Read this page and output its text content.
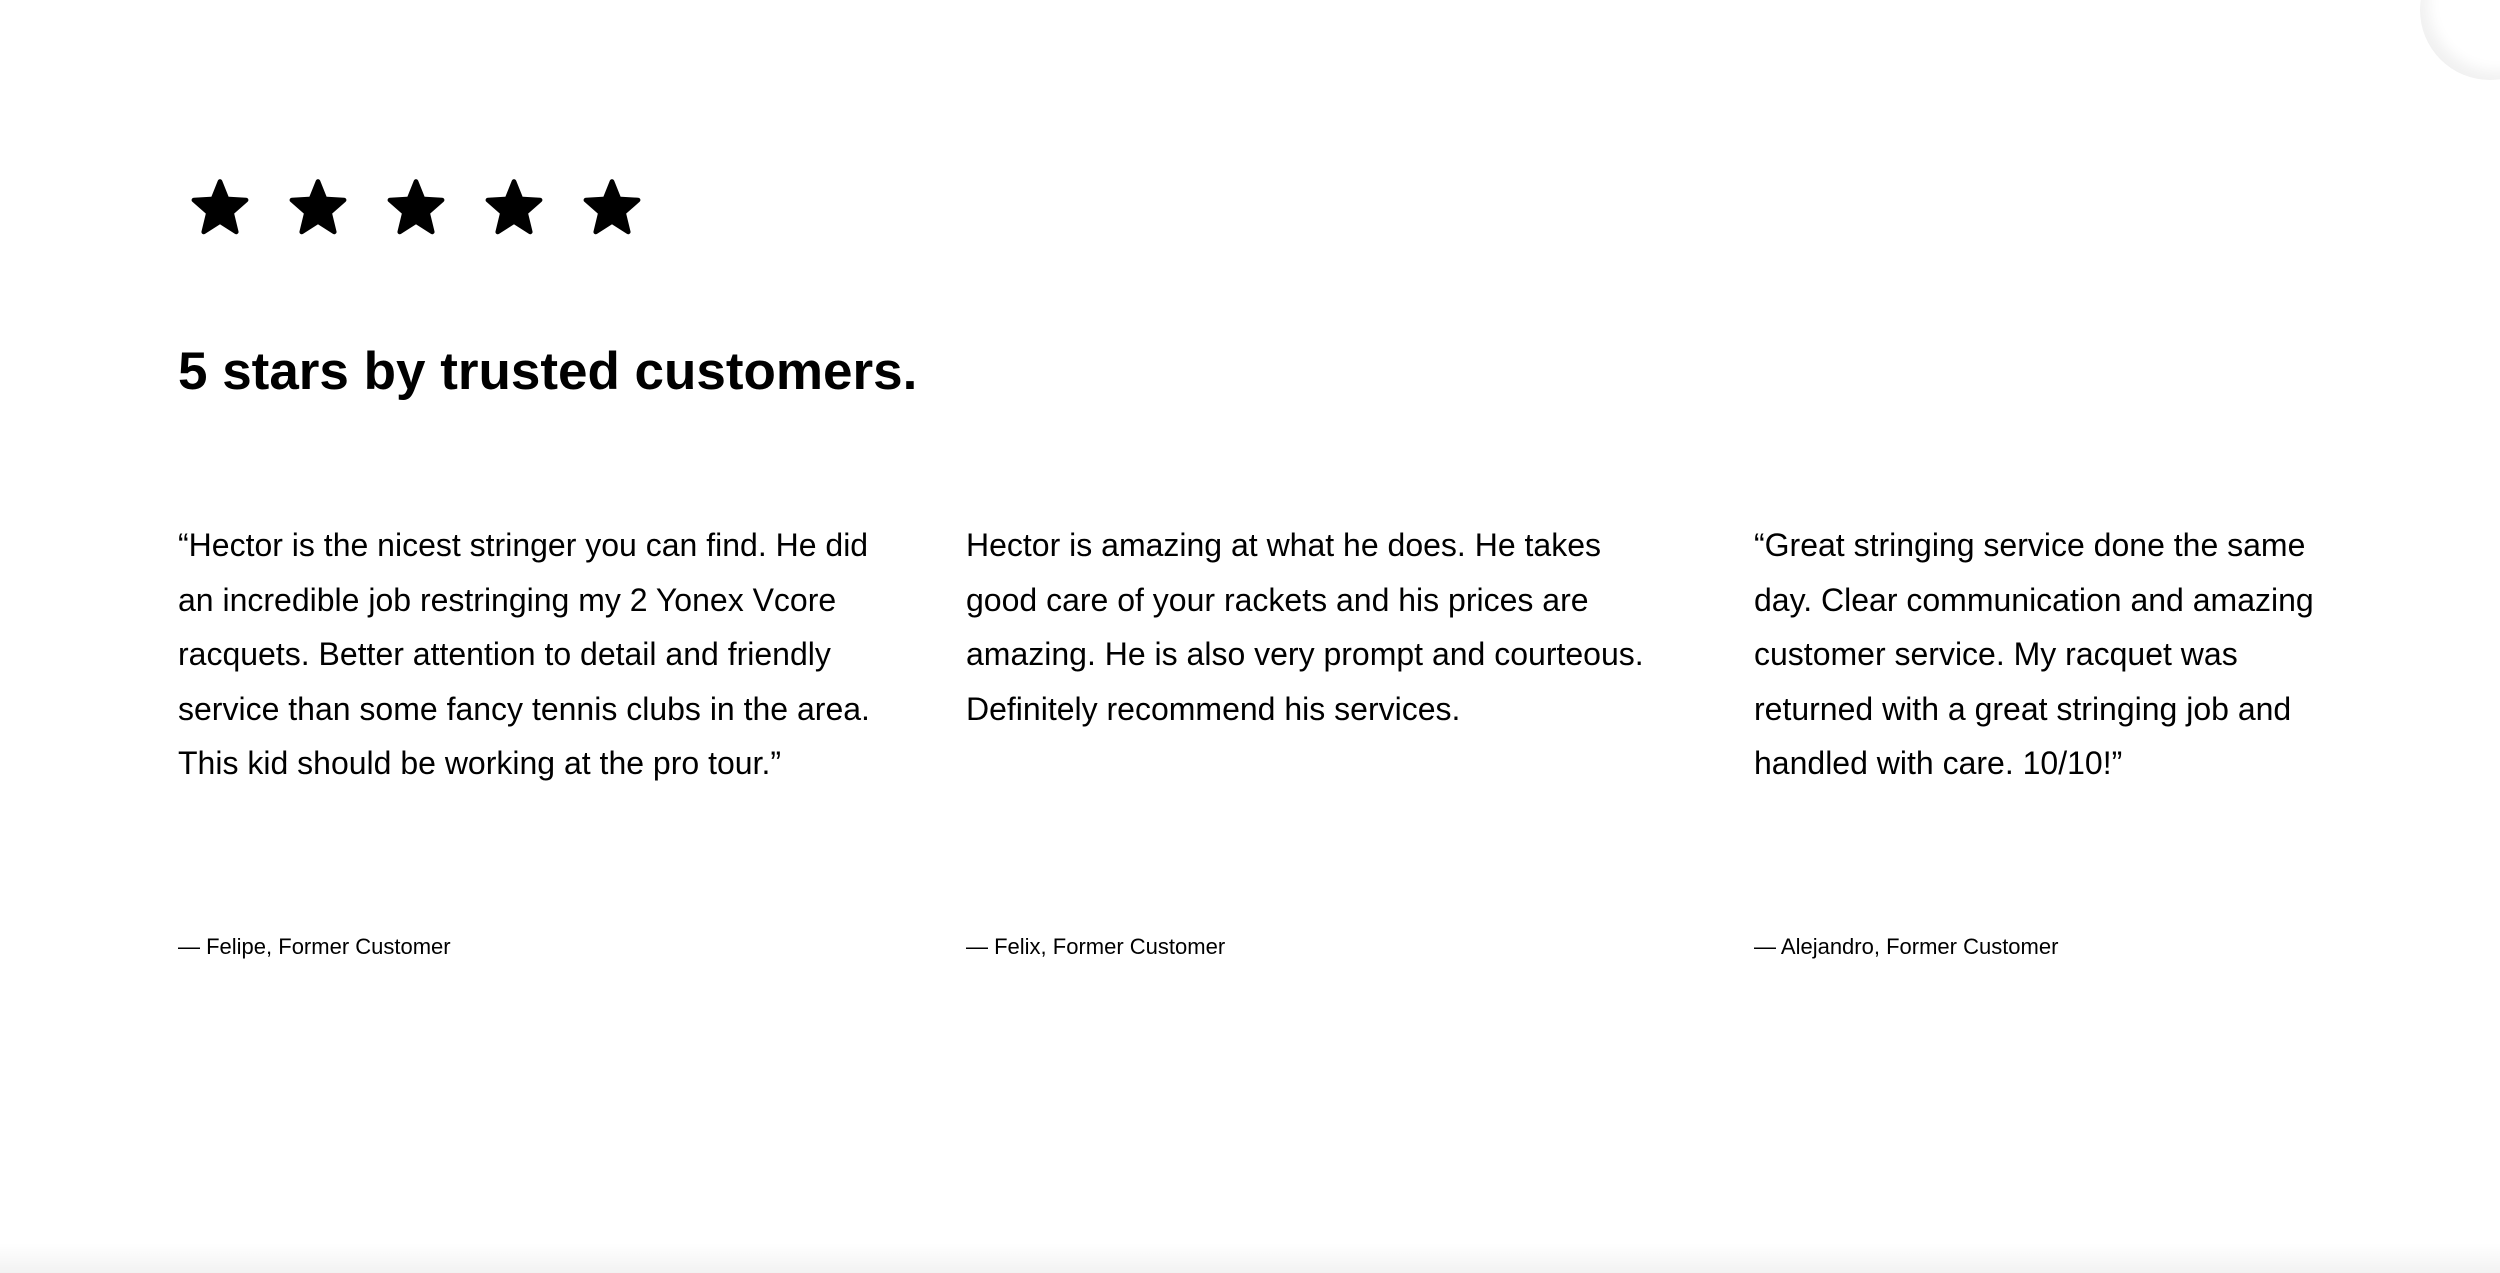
5 stars by trusted customers.

“Hector is the nicest stringer you can find. He did
an incredible job restringing my 2 Yonex Vcore
racquets. Better attention to detail and friendly
service than some fancy tennis clubs in the area.
This kid should be working at the pro tour.”

— Felipe, Former Customer

Hector is amazing at what he does. He takes
good care of your rackets and his prices are
amazing. He is also very prompt and courteous.
Definitely recommend his services.

— Felix, Former Customer

“Great stringing service done the same
day. Clear communication and amazing
customer service. My racquet was
returned with a great stringing job and
handled with care. 10/10!”

— Alejandro, Former Customer
